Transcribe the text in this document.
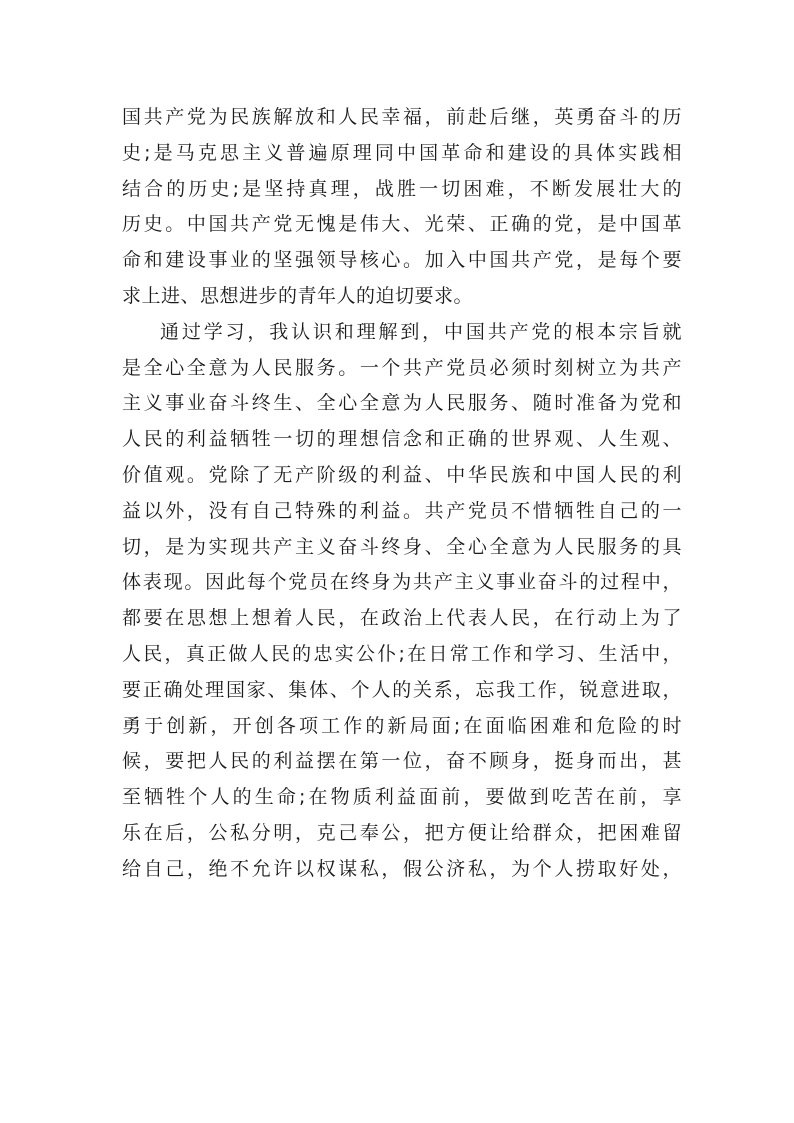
国共产党为民族解放和人民幸福，前赴后继，英勇奋斗的历
史;是马克思主义普遍原理同中国革命和建设的具体实践相
结合的历史;是坚持真理，战胜一切困难，不断发展壮大的
历史。中国共产党无愧是伟大、光荣、正确的党，是中国革
命和建设事业的坚强领导核心。加入中国共产党，是每个要
求上进、思想进步的青年人的迫切要求。
通过学习，我认识和理解到，中国共产党的根本宗旨就
是全心全意为人民服务。一个共产党员必须时刻树立为共产
主义事业奋斗终生、全心全意为人民服务、随时准备为党和
人民的利益牺牲一切的理想信念和正确的世界观、人生观、
价值观。党除了无产阶级的利益、中华民族和中国人民的利
益以外，没有自己特殊的利益。共产党员不惜牺牲自己的一
切，是为实现共产主义奋斗终身、全心全意为人民服务的具
体表现。因此每个党员在终身为共产主义事业奋斗的过程中，
都要在思想上想着人民，在政治上代表人民，在行动上为了
人民，真正做人民的忠实公仆;在日常工作和学习、生活中，
要正确处理国家、集体、个人的关系，忘我工作，锐意进取，
勇于创新，开创各项工作的新局面;在面临困难和危险的时
候，要把人民的利益摆在第一位，奋不顾身，挺身而出，甚
至牺牲个人的生命;在物质利益面前，要做到吃苦在前，享
乐在后，公私分明，克己奉公，把方便让给群众，把困难留
给自己，绝不允许以权谋私，假公济私，为个人捞取好处，
